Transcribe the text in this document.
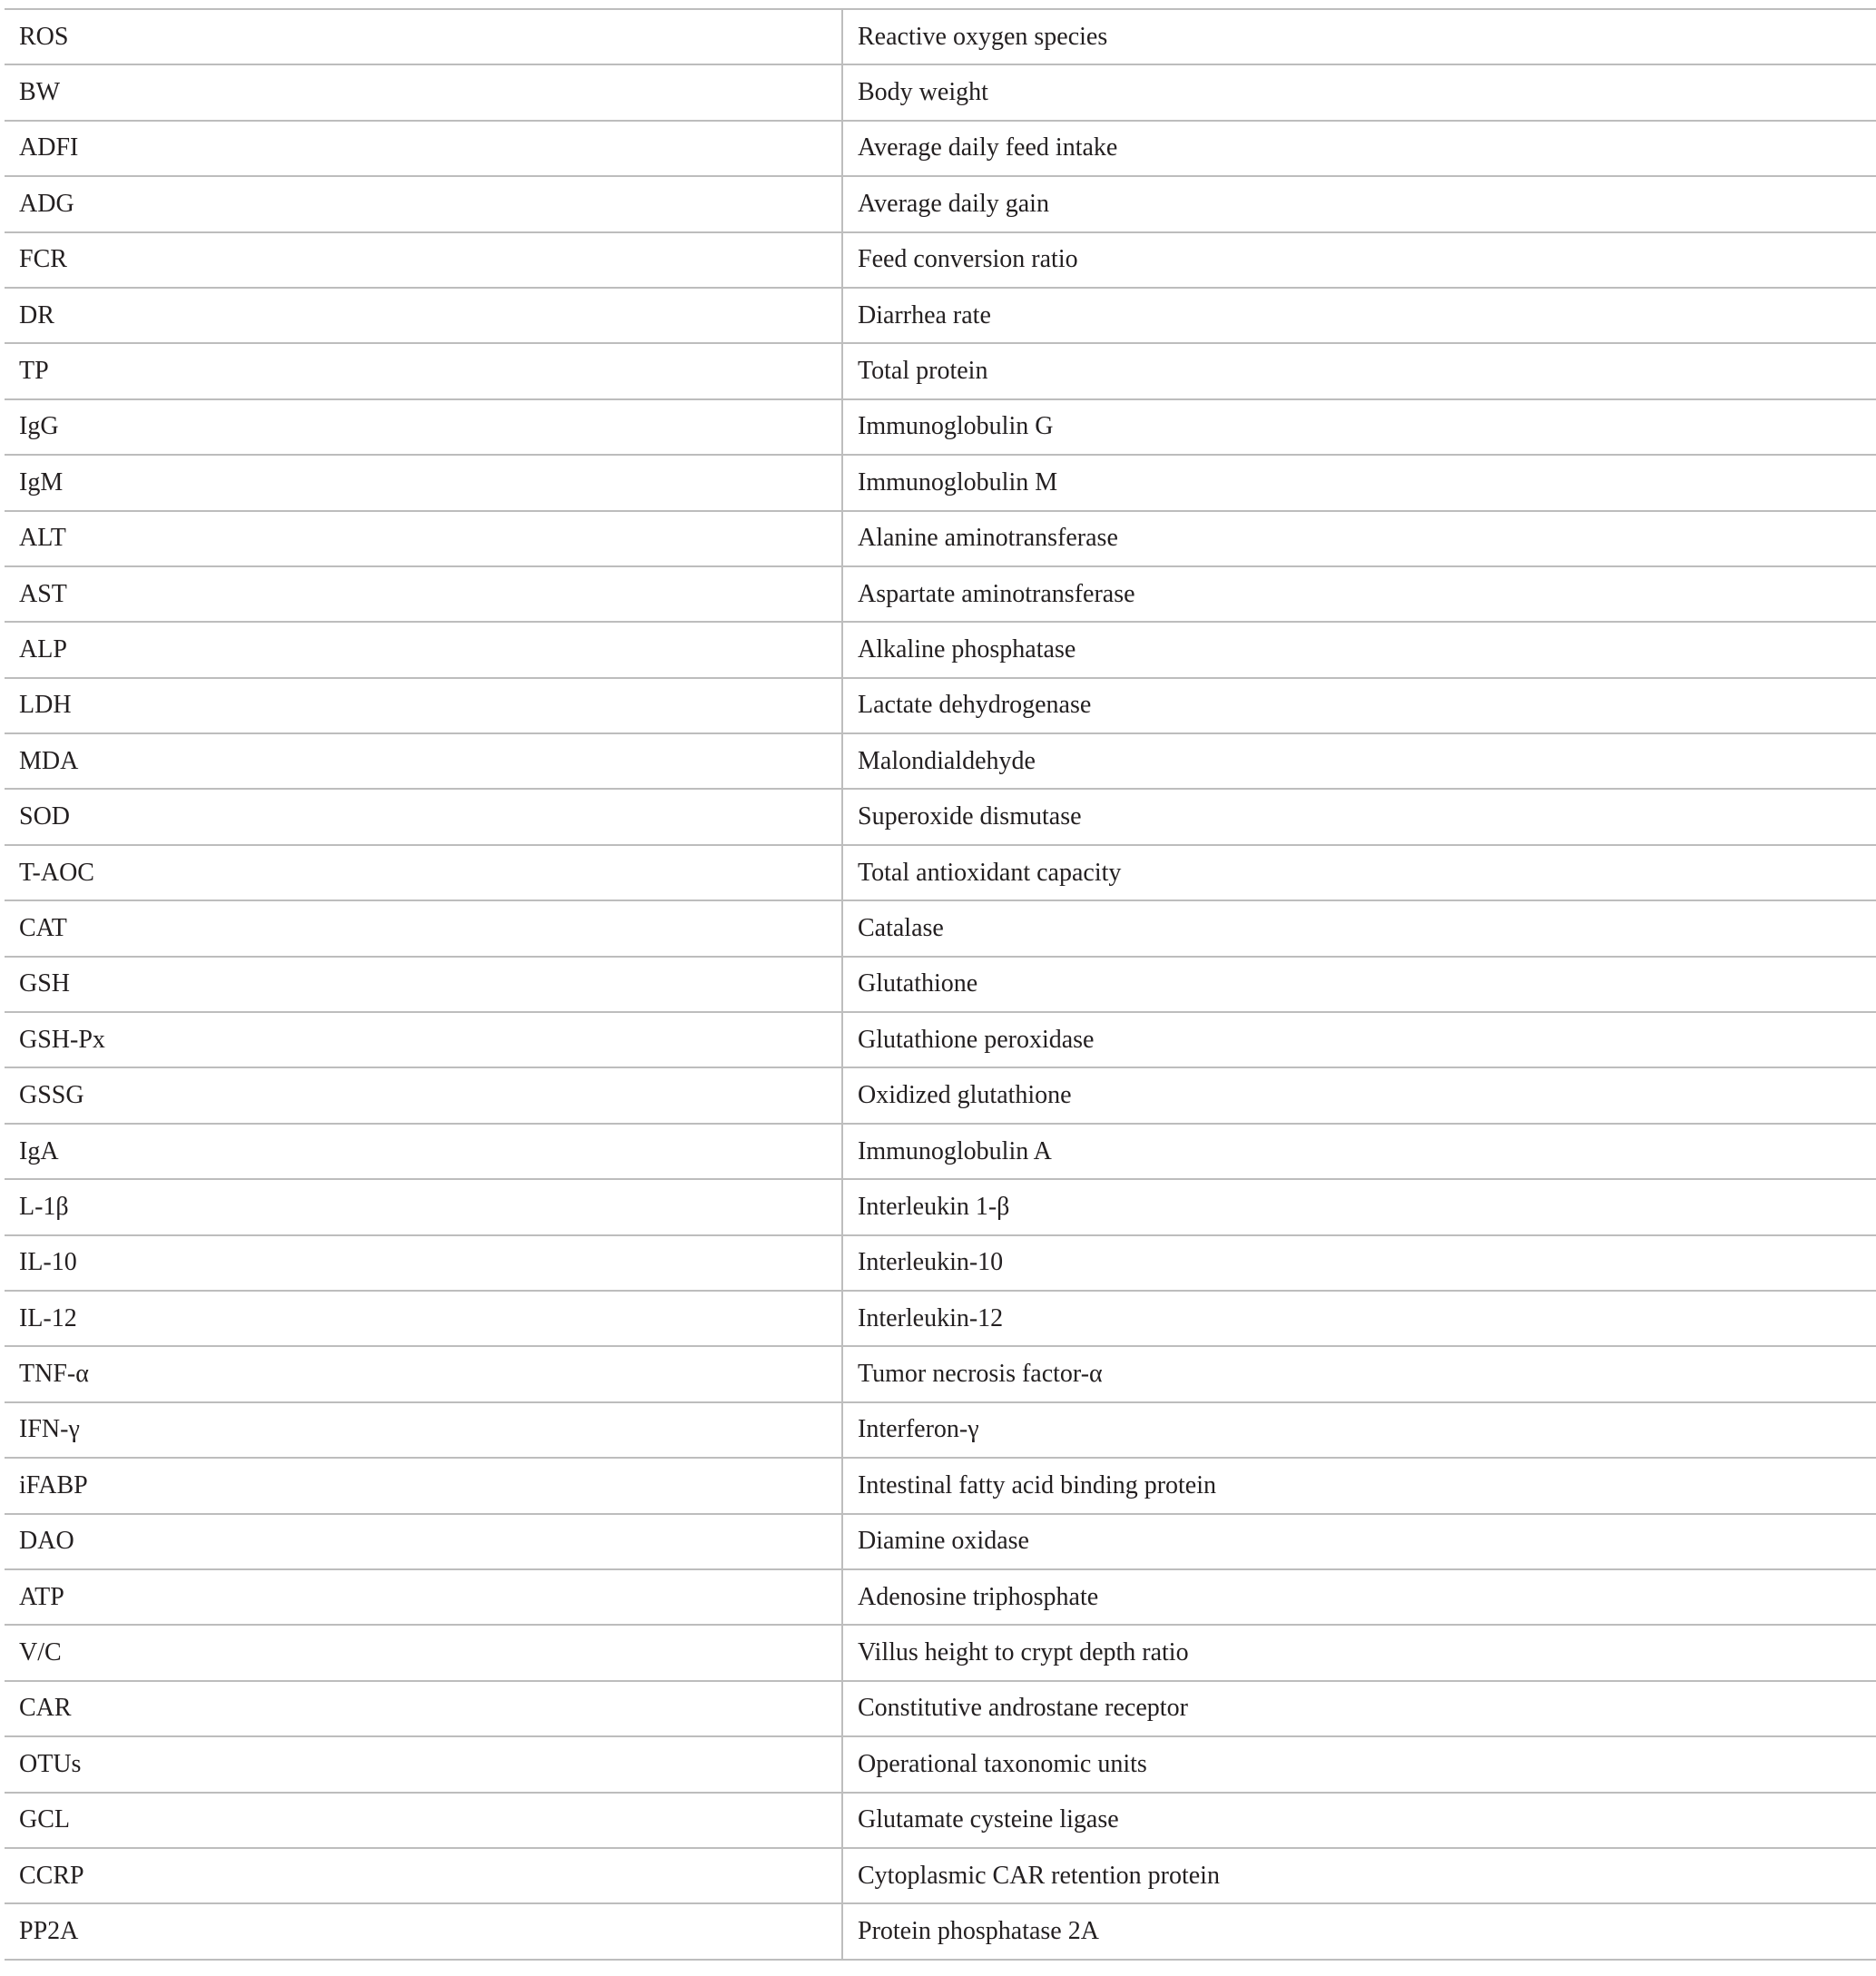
ROS	Reactive oxygen species
BW	Body weight
ADFI	Average daily feed intake
ADG	Average daily gain
FCR	Feed conversion ratio
DR	Diarrhea rate
TP	Total protein
IgG	Immunoglobulin G
IgM	Immunoglobulin M
ALT	Alanine aminotransferase
AST	Aspartate aminotransferase
ALP	Alkaline phosphatase
LDH	Lactate dehydrogenase
MDA	Malondialdehyde
SOD	Superoxide dismutase
T-AOC	Total antioxidant capacity
CAT	Catalase
GSH	Glutathione
GSH-Px	Glutathione peroxidase
GSSG	Oxidized glutathione
IgA	Immunoglobulin A
L-1β	Interleukin 1-β
IL-10	Interleukin-10
IL-12	Interleukin-12
TNF-α	Tumor necrosis factor-α
IFN-γ	Interferon-γ
iFABP	Intestinal fatty acid binding protein
DAO	Diamine oxidase
ATP	Adenosine triphosphate
V/C	Villus height to crypt depth ratio
CAR	Constitutive androstane receptor
OTUs	Operational taxonomic units
GCL	Glutamate cysteine ligase
CCRP	Cytoplasmic CAR retention protein
PP2A	Protein phosphatase 2A
